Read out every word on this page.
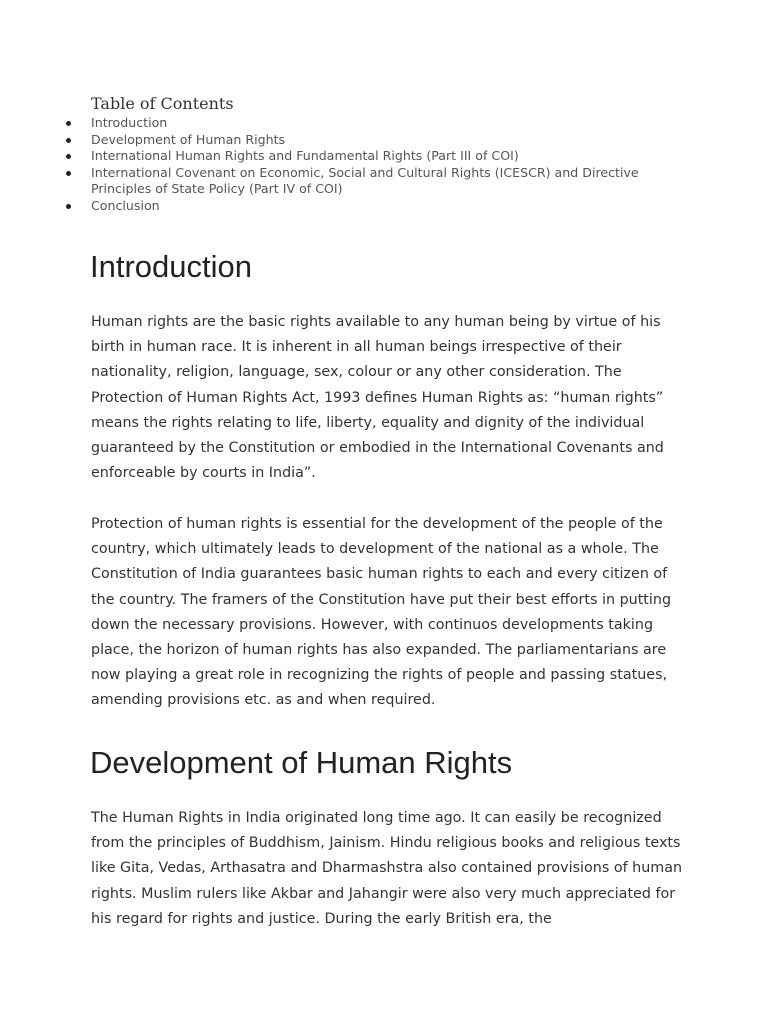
Table of Contents
Introduction
Development of Human Rights
International Human Rights and Fundamental Rights (Part III of COI)
International Covenant on Economic, Social and Cultural Rights (ICESCR) and Directive Principles of State Policy (Part IV of COI)
Conclusion
Introduction

Human rights are the basic rights available to any human being by virtue of his birth in human race. It is inherent in all human beings irrespective of their nationality, religion, language, sex, colour or any other consideration. The Protection of Human Rights Act, 1993 defines Human Rights as: “human rights” means the rights relating to life, liberty, equality and dignity of the individual guaranteed by the Constitution or embodied in the International Covenants and enforceable by courts in India”.

Protection of human rights is essential for the development of the people of the country, which ultimately leads to development of the national as a whole. The Constitution of India guarantees basic human rights to each and every citizen of the country. The framers of the Constitution have put their best efforts in putting down the necessary provisions. However, with continuos developments taking place, the horizon of human rights has also expanded. The parliamentarians are now playing a great role in recognizing the rights of people and passing statues, amending provisions etc. as and when required.

Development of Human Rights

The Human Rights in India originated long time ago. It can easily be recognized from the principles of Buddhism, Jainism. Hindu religious books and religious texts like Gita, Vedas, Arthasatra and Dharmashstra also contained provisions of human rights. Muslim rulers like Akbar and Jahangir were also very much appreciated for his regard for rights and justice. During the early British era, the
